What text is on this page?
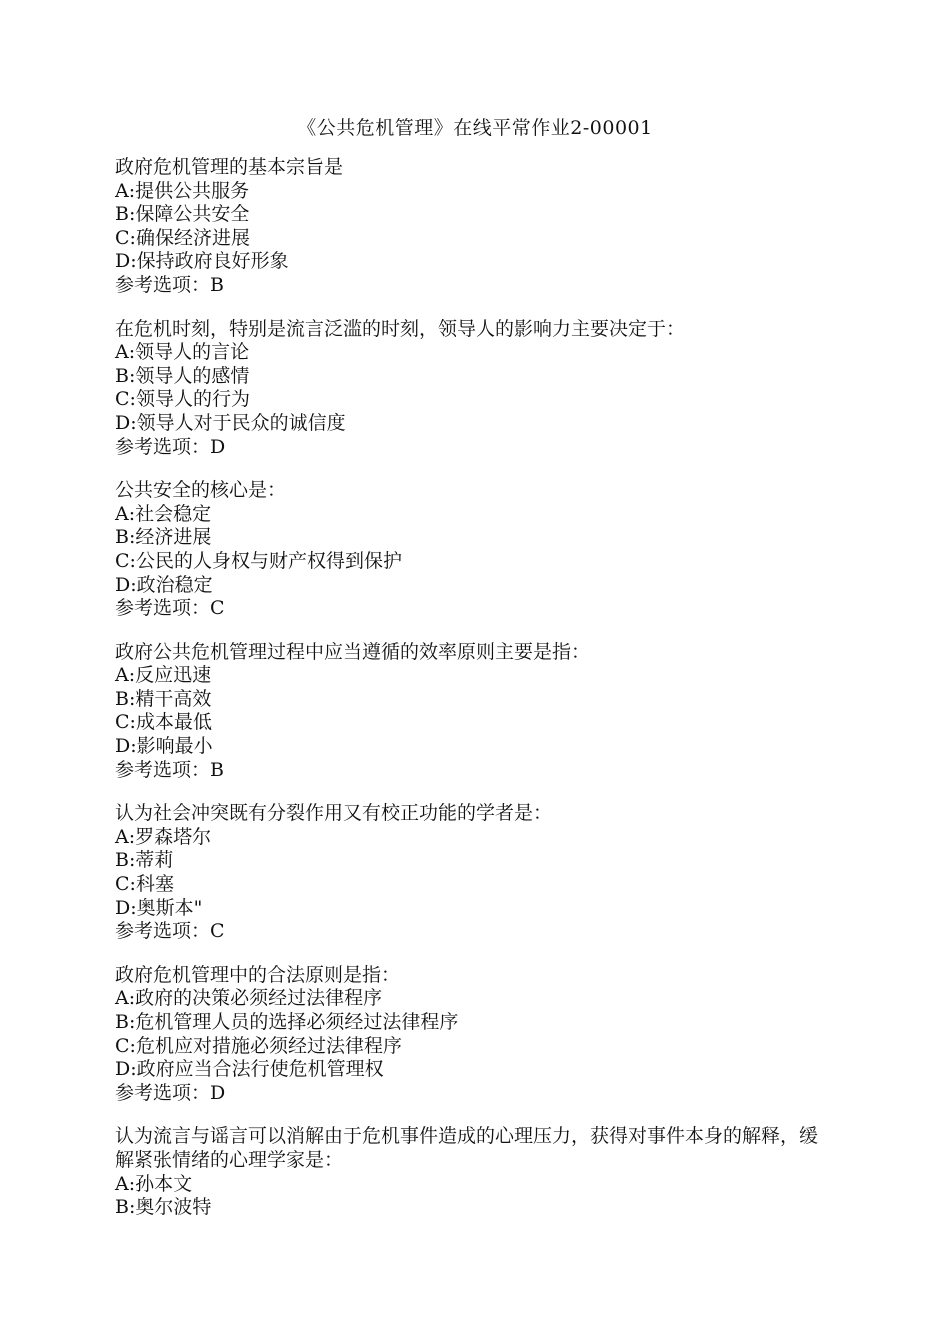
《公共危机管理》在线平常作业2-00001
政府危机管理的基本宗旨是
A:提供公共服务
B:保障公共安全
C:确保经济进展
D:保持政府良好形象
参考选项：B
在危机时刻，特别是流言泛滥的时刻，领导人的影响力主要决定于：
A:领导人的言论
B:领导人的感情
C:领导人的行为
D:领导人对于民众的诚信度
参考选项：D
公共安全的核心是：
A:社会稳定
B:经济进展
C:公民的人身权与财产权得到保护
D:政治稳定
参考选项：C
政府公共危机管理过程中应当遵循的效率原则主要是指：
A:反应迅速
B:精干高效
C:成本最低
D:影响最小
参考选项：B
认为社会冲突既有分裂作用又有校正功能的学者是：
A:罗森塔尔
B:蒂莉
C:科塞
D:奥斯本"
参考选项：C
政府危机管理中的合法原则是指：
A:政府的决策必须经过法律程序
B:危机管理人员的选择必须经过法律程序
C:危机应对措施必须经过法律程序
D:政府应当合法行使危机管理权
参考选项：D
认为流言与谣言可以消解由于危机事件造成的心理压力，获得对事件本身的解释，缓解紧张情绪的心理学家是：
A:孙本文
B:奥尔波特
